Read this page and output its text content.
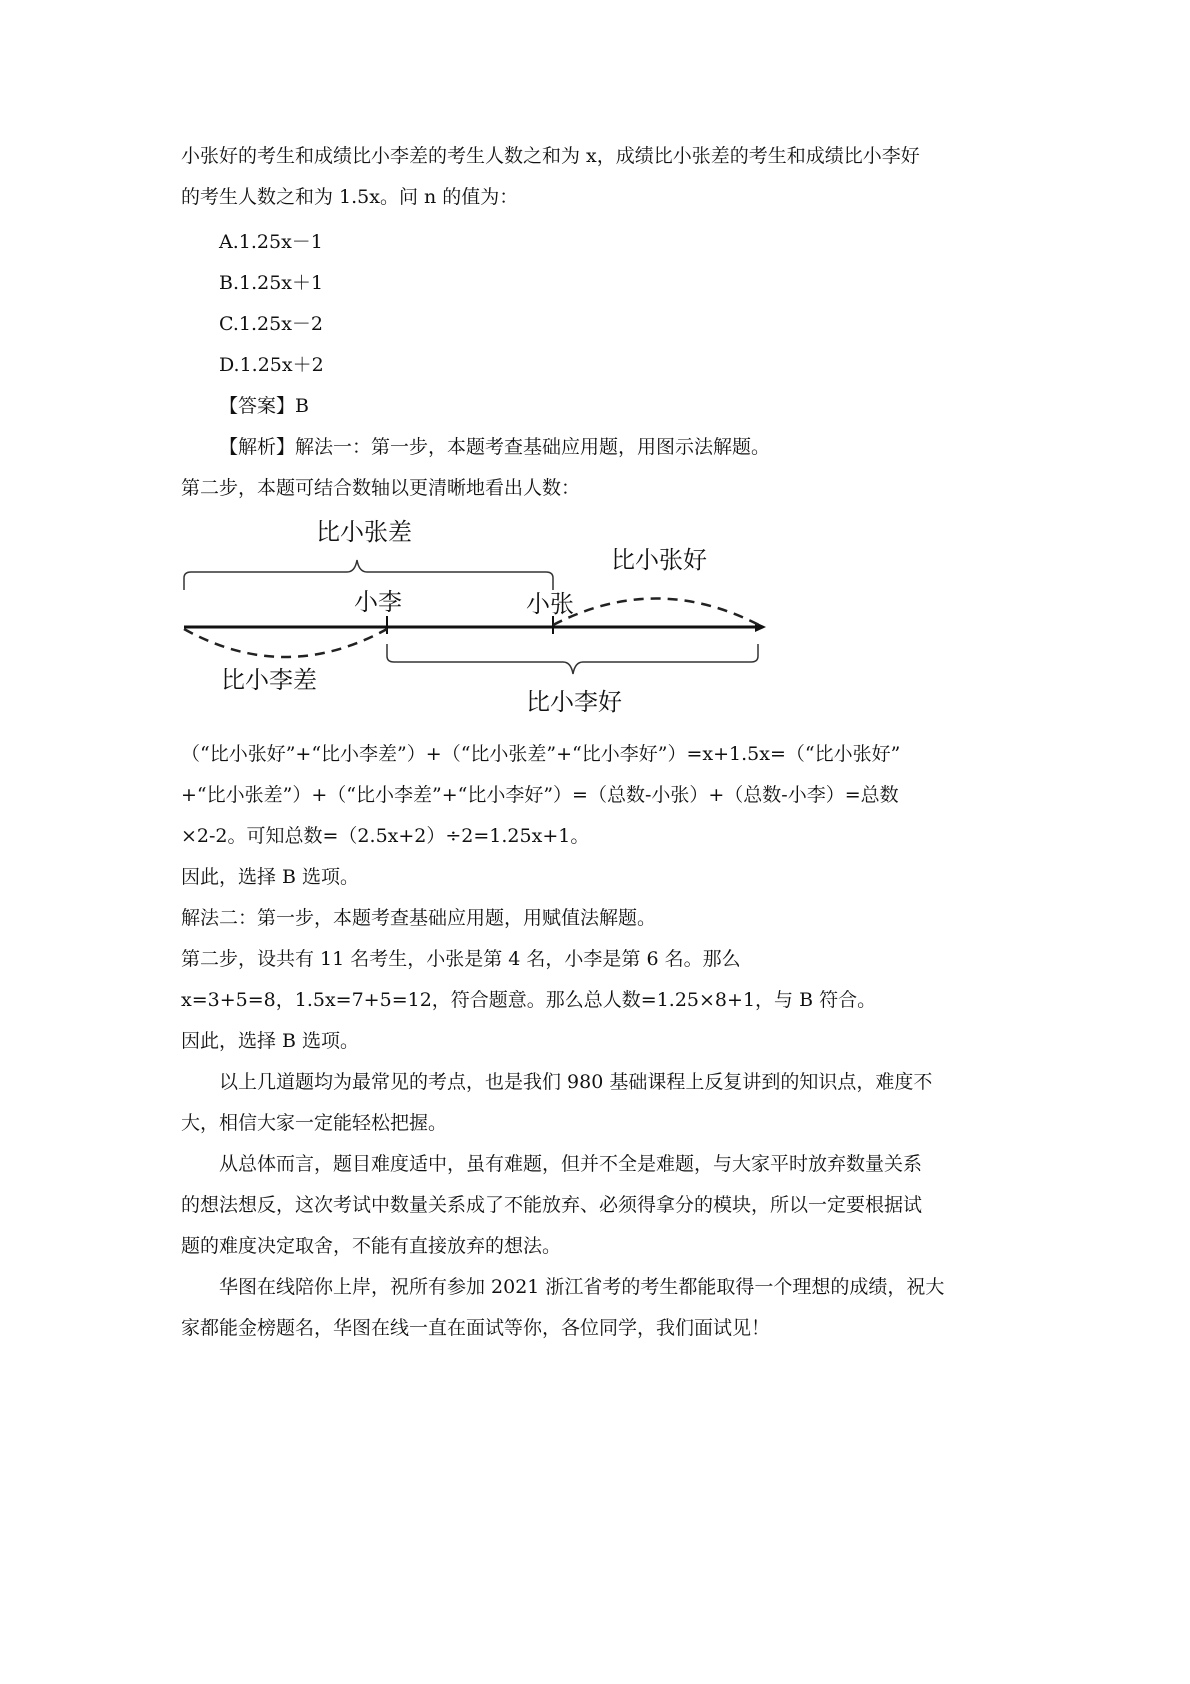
小张好的考生和成绩比小李差的考生人数之和为 x，成绩比小张差的考生和成绩比小李好
的考生人数之和为 1.5x。问 n 的值为：
A.1.25x－1
B.1.25x＋1
C.1.25x－2
D.1.25x＋2
【答案】B
【解析】解法一：第一步，本题考查基础应用题，用图示法解题。
第二步，本题可结合数轴以更清晰地看出人数：
比小张差
小李	小张
比小张好
比小李差
比小李好
（“比小张好”+“比小李差”）+（“比小张差”+“比小李好”）=x+1.5x=（“比小张好”
+“比小张差”）+（“比小李差”+“比小李好”）=（总数-小张）+（总数-小李）=总数
×2-2。可知总数=（2.5x+2）÷2=1.25x+1。
因此，选择 B 选项。
解法二：第一步，本题考查基础应用题，用赋值法解题。
第二步，设共有 11 名考生，小张是第 4 名，小李是第 6 名。那么
x=3+5=8，1.5x=7+5=12，符合题意。那么总人数=1.25×8+1，与 B 符合。
因此，选择 B 选项。
以上几道题均为最常见的考点，也是我们 980 基础课程上反复讲到的知识点，难度不
大，相信大家一定能轻松把握。
从总体而言，题目难度适中，虽有难题，但并不全是难题，与大家平时放弃数量关系
的想法想反，这次考试中数量关系成了不能放弃、必须得拿分的模块，所以一定要根据试
题的难度决定取舍，不能有直接放弃的想法。
华图在线陪你上岸，祝所有参加 2021 浙江省考的考生都能取得一个理想的成绩，祝大
家都能金榜题名，华图在线一直在面试等你，各位同学，我们面试见！
